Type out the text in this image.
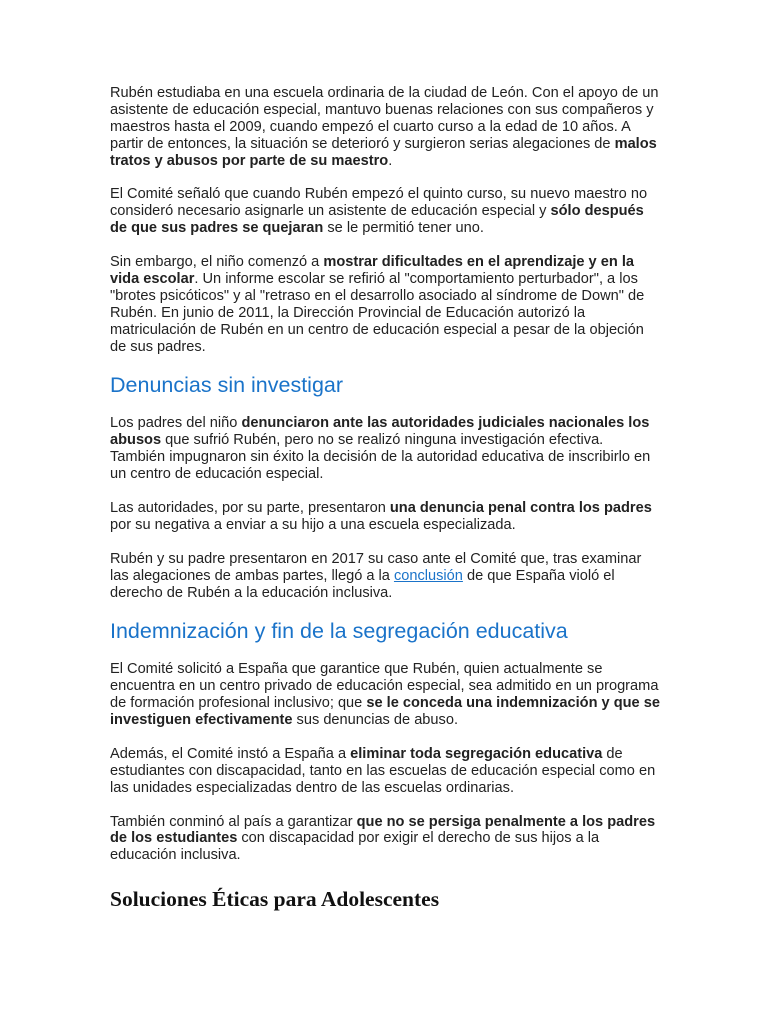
Rubén estudiaba en una escuela ordinaria de la ciudad de León. Con el apoyo de un asistente de educación especial, mantuvo buenas relaciones con sus compañeros y maestros hasta el 2009, cuando empezó el cuarto curso a la edad de 10 años. A partir de entonces, la situación se deterioró y surgieron serias alegaciones de malos tratos y abusos por parte de su maestro.

El Comité señaló que cuando Rubén empezó el quinto curso, su nuevo maestro no consideró necesario asignarle un asistente de educación especial y sólo después de que sus padres se quejaran se le permitió tener uno.

Sin embargo, el niño comenzó a mostrar dificultades en el aprendizaje y en la vida escolar. Un informe escolar se refirió al "comportamiento perturbador", a los "brotes psicóticos" y al "retraso en el desarrollo asociado al síndrome de Down" de Rubén. En junio de 2011, la Dirección Provincial de Educación autorizó la matriculación de Rubén en un centro de educación especial a pesar de la objeción de sus padres.

Denuncias sin investigar

Los padres del niño denunciaron ante las autoridades judiciales nacionales los abusos que sufrió Rubén, pero no se realizó ninguna investigación efectiva. También impugnaron sin éxito la decisión de la autoridad educativa de inscribirlo en un centro de educación especial.

Las autoridades, por su parte, presentaron una denuncia penal contra los padres por su negativa a enviar a su hijo a una escuela especializada.

Rubén y su padre presentaron en 2017 su caso ante el Comité que, tras examinar las alegaciones de ambas partes, llegó a la conclusión de que España violó el derecho de Rubén a la educación inclusiva.

Indemnización y fin de la segregación educativa

El Comité solicitó a España que garantice que Rubén, quien actualmente se encuentra en un centro privado de educación especial, sea admitido en un programa de formación profesional inclusivo; que se le conceda una indemnización y que se investiguen efectivamente sus denuncias de abuso.

Además, el Comité instó a España a eliminar toda segregación educativa de estudiantes con discapacidad, tanto en las escuelas de educación especial como en las unidades especializadas dentro de las escuelas ordinarias.

También conminó al país a garantizar que no se persiga penalmente a los padres de los estudiantes con discapacidad por exigir el derecho de sus hijos a la educación inclusiva.

Soluciones Éticas para Adolescentes
